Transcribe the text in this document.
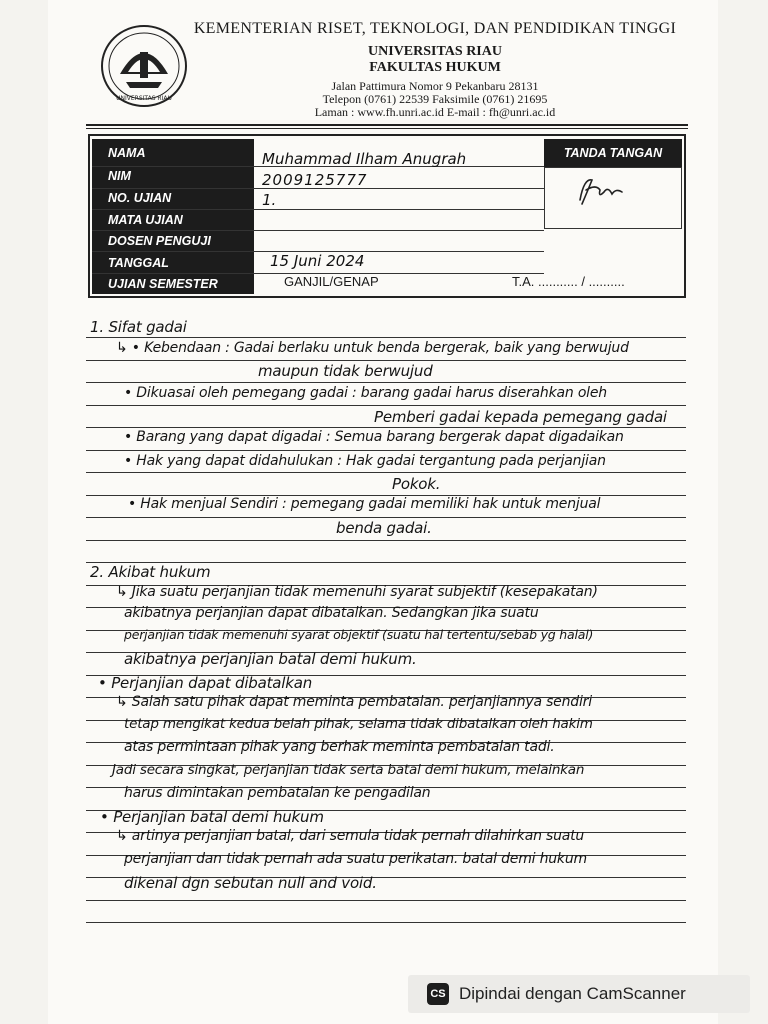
UNIVERSITAS RIAU
KEMENTERIAN RISET, TEKNOLOGI, DAN PENDIDIKAN TINGGI
UNIVERSITAS RIAU
FAKULTAS HUKUM
Jalan Pattimura Nomor 9 Pekanbaru 28131
Telepon (0761) 22539 Faksimile (0761) 21695
Laman : www.fh.unri.ac.id E-mail : fh@unri.ac.id
NAMA
NIM
NO. UJIAN
MATA UJIAN
DOSEN PENGUJI
TANGGAL
UJIAN SEMESTER
Muhammad Ilham Anugrah
2009125777
1.
15 Juni 2024
GANJIL/GENAP	T.A. ........... / ..........
TANDA TANGAN
1. Sifat gadai
↳ • Kebendaan : Gadai berlaku untuk benda bergerak, baik yang berwujud
maupun tidak berwujud
• Dikuasai oleh pemegang gadai : barang gadai harus diserahkan oleh
Pemberi gadai kepada pemegang gadai
• Barang yang dapat digadai : Semua barang bergerak dapat digadaikan
• Hak yang dapat didahulukan : Hak gadai tergantung pada perjanjian
Pokok.
• Hak menjual Sendiri : pemegang gadai memiliki hak untuk menjual
benda gadai.
2. Akibat hukum
↳ Jika suatu perjanjian tidak memenuhi syarat subjektif (kesepakatan)
akibatnya perjanjian dapat dibatalkan. Sedangkan jika suatu
perjanjian tidak memenuhi syarat objektif (suatu hal tertentu/sebab yg halal)
akibatnya perjanjian batal demi hukum.
• Perjanjian dapat dibatalkan
↳ Salah satu pihak dapat meminta pembatalan. perjanjiannya sendiri
tetap mengikat kedua belah pihak, selama tidak dibatalkan oleh hakim
atas permintaan pihak yang berhak meminta pembatalan tadi.
Jadi secara singkat, perjanjian tidak serta batal demi hukum, melainkan
harus dimintakan pembatalan ke pengadilan
• Perjanjian batal demi hukum
↳ artinya perjanjian batal, dari semula tidak pernah dilahirkan suatu
perjanjian dan tidak pernah ada suatu perikatan. batal demi hukum
dikenal dgn sebutan null and void.
CS Dipindai dengan CamScanner
